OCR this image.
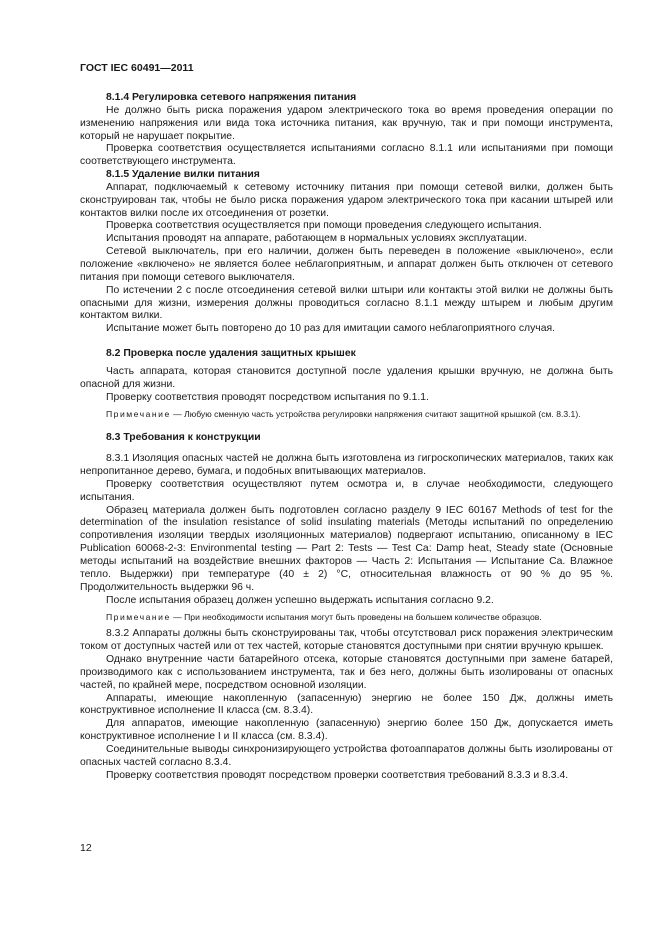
ГОСТ IEC 60491—2011

8.1.4 Регулировка сетевого напряжения питания

Не должно быть риска поражения ударом электрического тока во время проведения операции по изменению напряжения или вида тока источника питания, как вручную, так и при помощи инструмента, который не нарушает покрытие.

Проверка соответствия осуществляется испытаниями согласно 8.1.1 или испытаниями при помощи соответствующего инструмента.

8.1.5 Удаление вилки питания

Аппарат, подключаемый к сетевому источнику питания при помощи сетевой вилки, должен быть сконструирован так, чтобы не было риска поражения ударом электрического тока при касании штырей или контактов вилки после их отсоединения от розетки.

Проверка соответствия осуществляется при помощи проведения следующего испытания.

Испытания проводят на аппарате, работающем в нормальных условиях эксплуатации.

Сетевой выключатель, при его наличии, должен быть переведен в положение «выключено», если положение «включено» не является более неблагоприятным, и аппарат должен быть отключен от сетевого питания при помощи сетевого выключателя.

По истечении 2 с после отсоединения сетевой вилки штыри или контакты этой вилки не должны быть опасными для жизни, измерения должны проводиться согласно 8.1.1 между штырем и любым другим контактом вилки.

Испытание может быть повторено до 10 раз для имитации самого неблагоприятного случая.

8.2 Проверка после удаления защитных крышек

Часть аппарата, которая становится доступной после удаления крышки вручную, не должна быть опасной для жизни.

Проверку соответствия проводят посредством испытания по 9.1.1.

Примечание — Любую сменную часть устройства регулировки напряжения считают защитной крышкой (см. 8.3.1).

8.3 Требования к конструкции

8.3.1 Изоляция опасных частей не должна быть изготовлена из гигроскопических материалов, таких как непропитанное дерево, бумага, и подобных впитывающих материалов.

Проверку соответствия осуществляют путем осмотра и, в случае необходимости, следующего испытания.

Образец материала должен быть подготовлен согласно разделу 9 IEC 60167 Methods of test for the determination of the insulation resistance of solid insulating materials (Методы испытаний по определению сопротивления изоляции твердых изоляционных материалов) подвергают испытанию, описанному в IEC Publication 60068-2-3: Environmental testing — Part 2: Tests — Test Ca: Damp heat, Steady state (Основные методы испытаний на воздействие внешних факторов — Часть 2: Испытания — Испытание Ca. Влажное тепло. Выдержки) при температуре (40 ± 2) °C, относительная влажность от 90 % до 95 %. Продолжительность выдержки 96 ч.

После испытания образец должен успешно выдержать испытания согласно 9.2.

Примечание — При необходимости испытания могут быть проведены на большем количестве образцов.

8.3.2 Аппараты должны быть сконструированы так, чтобы отсутствовал риск поражения электрическим током от доступных частей или от тех частей, которые становятся доступными при снятии вручную крышек.

Однако внутренние части батарейного отсека, которые становятся доступными при замене батарей, производимого как с использованием инструмента, так и без него, должны быть изолированы от опасных частей, по крайней мере, посредством основной изоляции.

Аппараты, имеющие накопленную (запасенную) энергию не более 150 Дж, должны иметь конструктивное исполнение II класса (см. 8.3.4).

Для аппаратов, имеющие накопленную (запасенную) энергию более 150 Дж, допускается иметь конструктивное исполнение I и II класса (см. 8.3.4).

Соединительные выводы синхронизирующего устройства фотоаппаратов должны быть изолированы от опасных частей согласно 8.3.4.

Проверку соответствия проводят посредством проверки соответствия требований 8.3.3 и 8.3.4.

12
